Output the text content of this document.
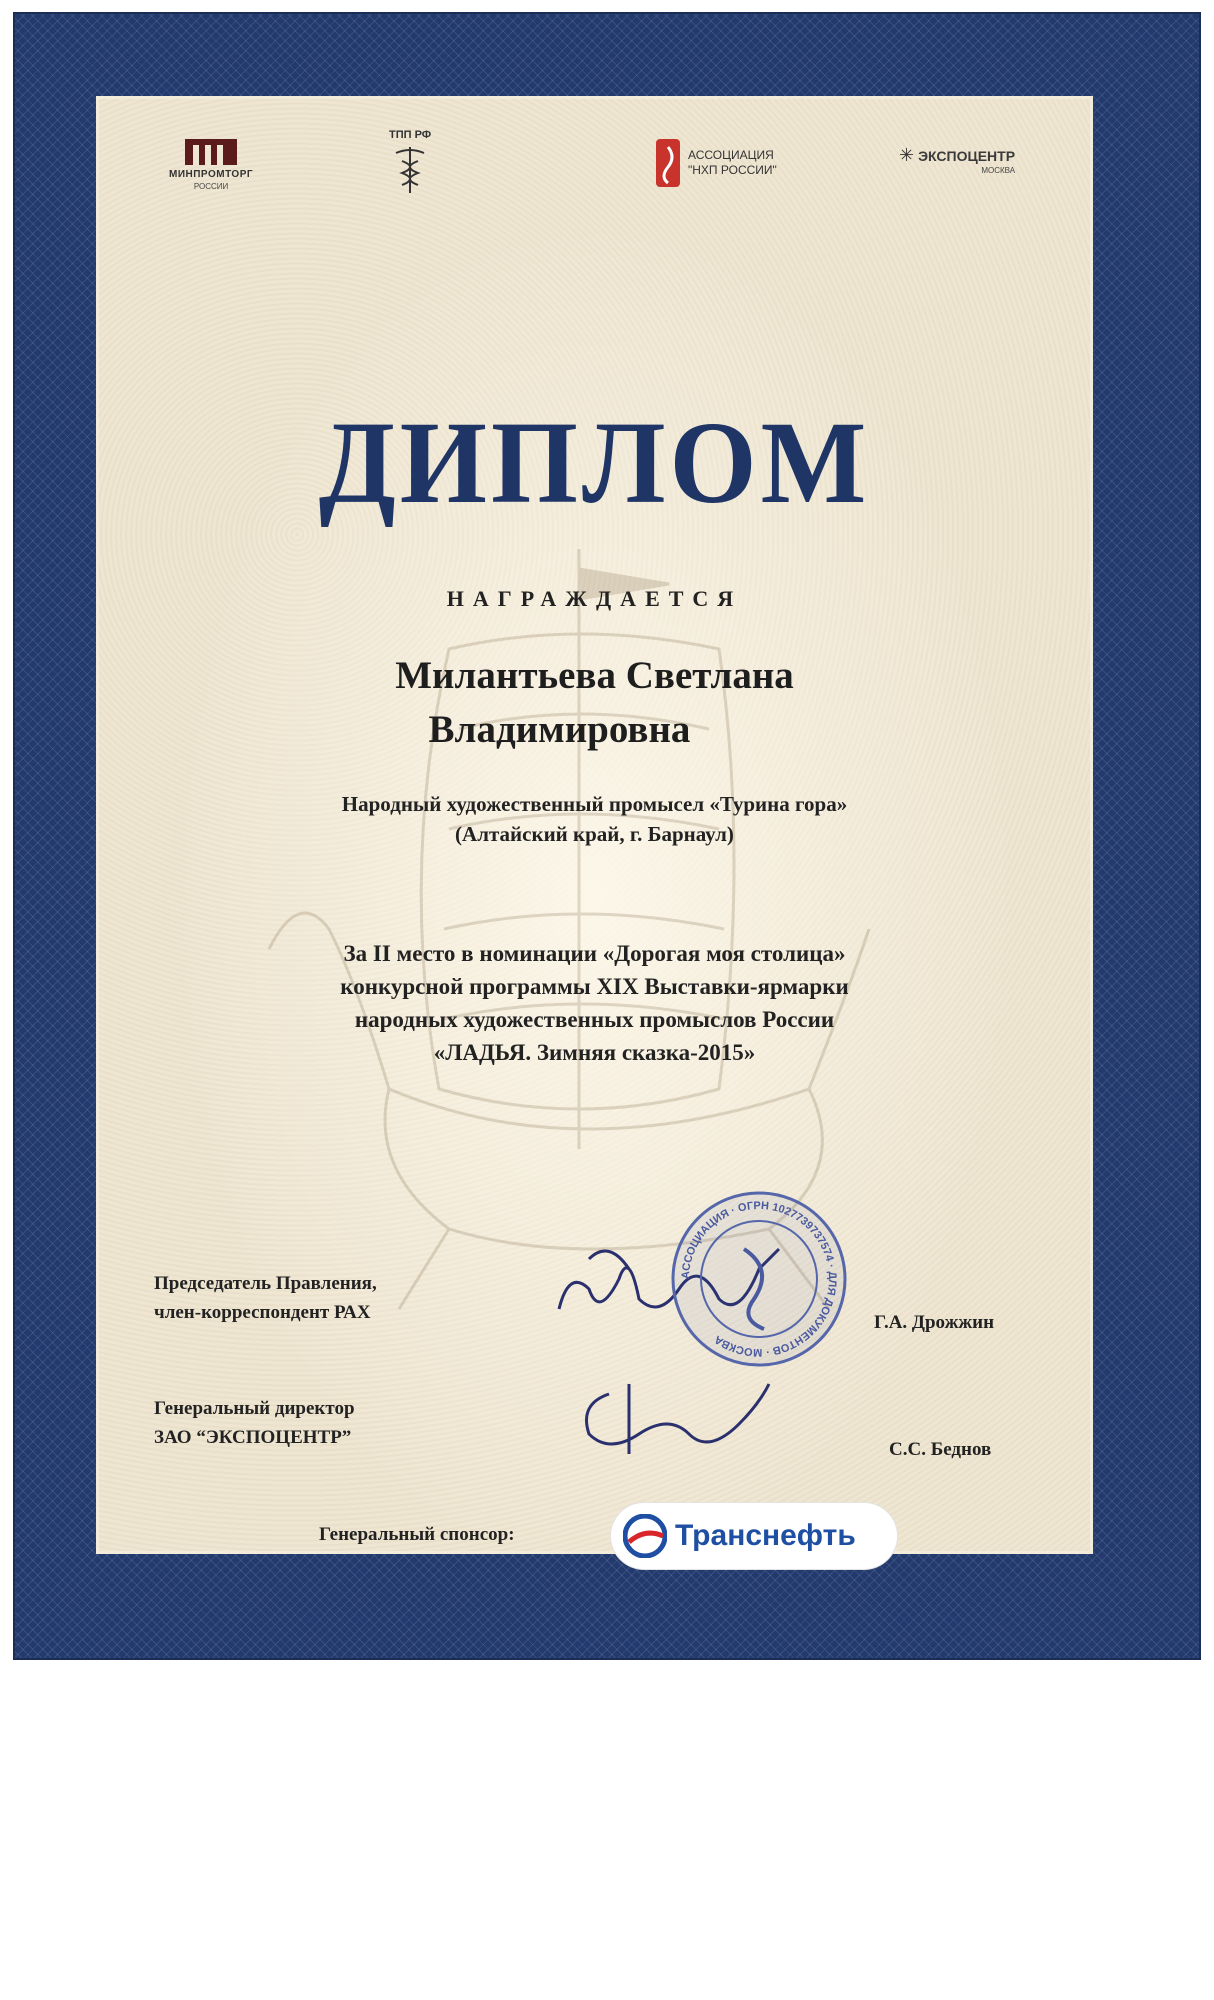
МИНПРОМТОРГ
РОССИИ
ТПП РФ
АССОЦИАЦИЯ
"НХП РОССИИ"
✳ ЭКСПОЦЕНТР
МОСКВА
ДИПЛОМ
НАГРАЖДАЕТСЯ
Милантьева Светлана
Владимировна
Народный художественный промысел «Турина гора»
(Алтайский край, г. Барнаул)
За II место в номинации «Дорогая моя столица»
конкурсной программы XIX Выставки-ярмарки
народных художественных промыслов России
«ЛАДЬЯ. Зимняя сказка-2015»
Председатель Правления,
член-корреспондент РАХ
АССОЦИАЦИЯ · ОГРН 1027739737574 · ДЛЯ ДОКУМЕНТОВ · МОСКВА
Г.А. Дрожжин
Генеральный директор
ЗАО “ЭКСПОЦЕНТР”
С.С. Беднов
Генеральный спонсор:	Транснефть
